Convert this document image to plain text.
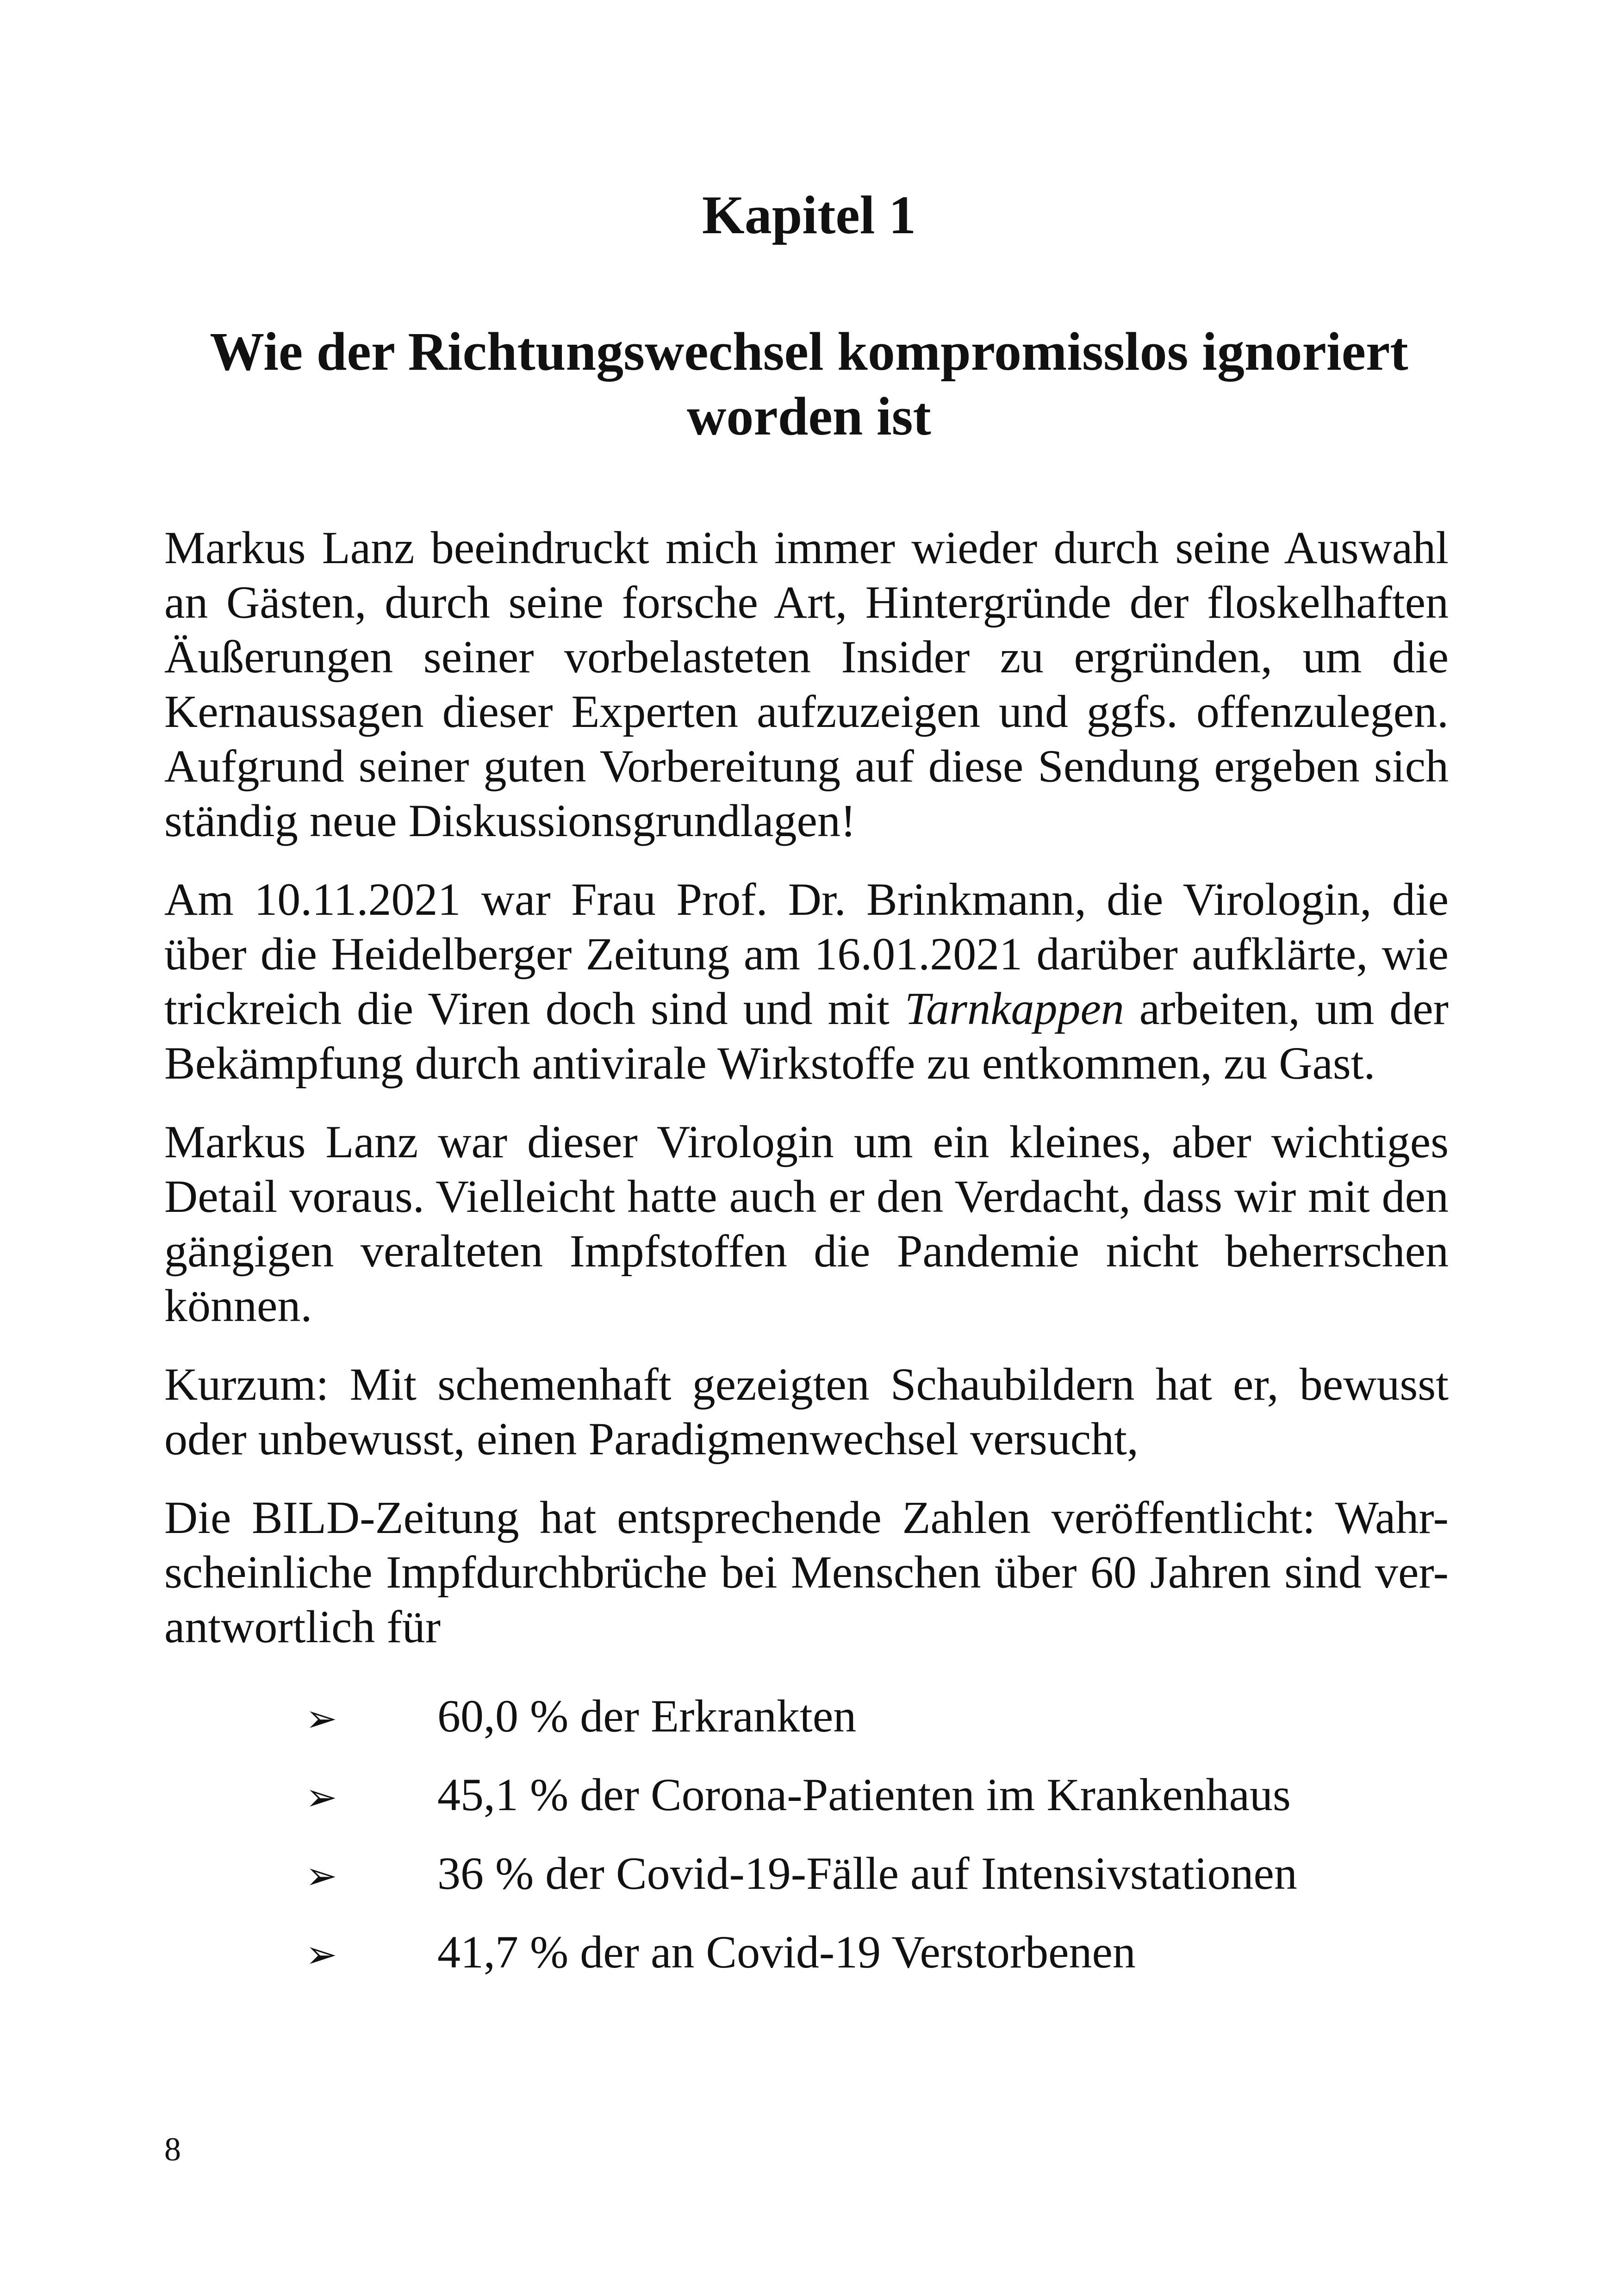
Kapitel 1
Wie der Richtungswechsel kompromisslos ignoriert
worden ist

Markus Lanz beeindruckt mich immer wieder durch seine Auswahl an Gästen, durch seine forsche Art, Hintergründe der floskelhaften Äußerungen seiner vorbelasteten Insider zu ergründen, um die Kernaussagen dieser Experten aufzuzeigen und ggfs. offenzulegen. Aufgrund seiner guten Vorbereitung auf diese Sendung ergeben sich ständig neue Diskussionsgrundlagen!

Am 10.11.2021 war Frau Prof. Dr. Brinkmann, die Virologin, die über die Heidelberger Zeitung am 16.01.2021 darüber aufklärte, wie trickreich die Viren doch sind und mit Tarnkappen arbeiten, um der Bekämpfung durch antivirale Wirkstoffe zu entkommen, zu Gast.

Markus Lanz war dieser Virologin um ein kleines, aber wichtiges Detail voraus. Vielleicht hatte auch er den Verdacht, dass wir mit den gängigen veralteten Impfstoffen die Pandemie nicht beherrschen können.

Kurzum: Mit schemenhaft gezeigten Schaubildern hat er, bewusst oder unbewusst, einen Paradigmenwechsel versucht,

Die BILD-Zeitung hat entsprechende Zahlen veröffentlicht: Wahr-scheinliche Impfdurchbrüche bei Menschen über 60 Jahren sind ver-antwortlich für

➢	60,0 % der Erkrankten
➢	45,1 % der Corona-Patienten im Krankenhaus
➢	36 % der Covid-19-Fälle auf Intensivstationen
➢	41,7 % der an Covid-19 Verstorbenen
8
